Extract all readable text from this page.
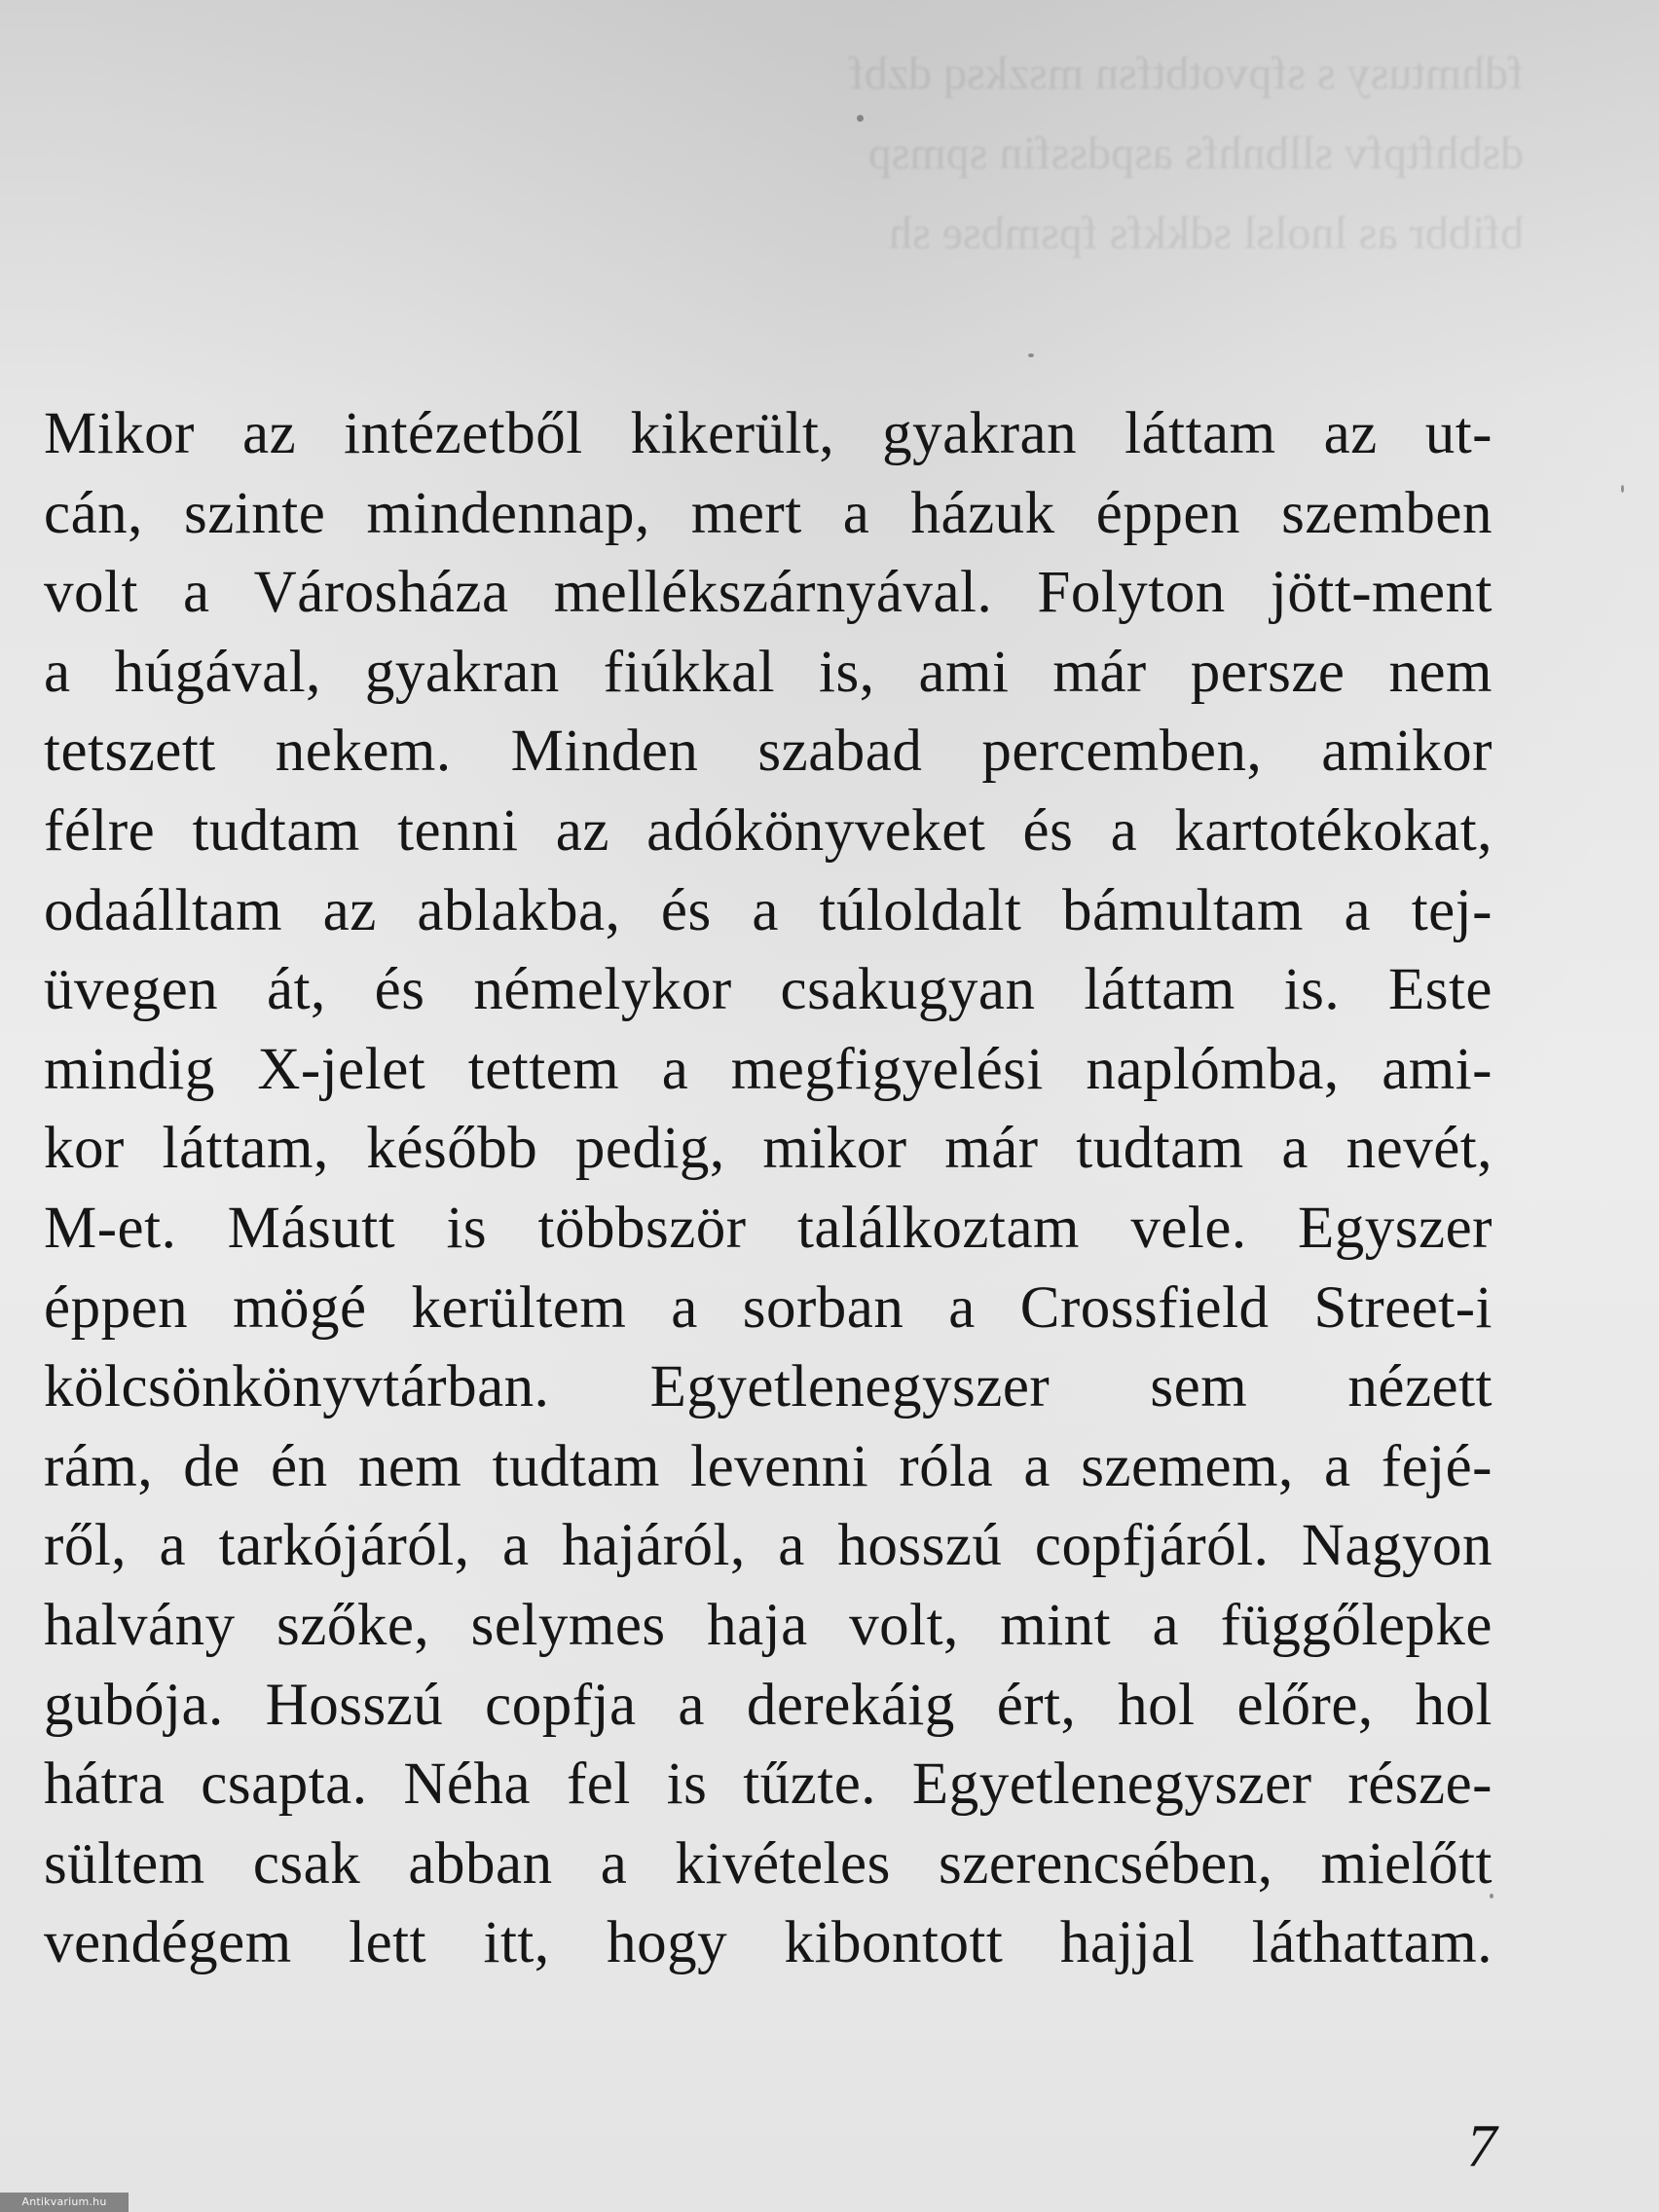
fdhmtusy s sfpvotbtfsn mszksq dzbf
dsbhftpfv sllbnhfs aspdssfin spmsp
bfibbr as lnolsl sdkkfs fpsmbse sh
Mikor az intézetből kikerült, gyakran láttam az ut-
cán, szinte mindennap, mert a házuk éppen szemben
volt a Városháza mellékszárnyával. Folyton jött-ment
a húgával, gyakran fiúkkal is, ami már persze nem
tetszett nekem. Minden szabad percemben, amikor
félre tudtam tenni az adókönyveket és a kartotékokat,
odaálltam az ablakba, és a túloldalt bámultam a tej-
üvegen át, és némelykor csakugyan láttam is. Este
mindig X-jelet tettem a megfigyelési naplómba, ami-
kor láttam, később pedig, mikor már tudtam a nevét,
M-et. Másutt is többször találkoztam vele. Egyszer
éppen mögé kerültem a sorban a Crossfield Street-i
kölcsönkönyvtárban. Egyetlenegyszer sem nézett
rám, de én nem tudtam levenni róla a szemem, a fejé-
ről, a tarkójáról, a hajáról, a hosszú copfjáról. Nagyon
halvány szőke, selymes haja volt, mint a függőlepke
gubója. Hosszú copfja a derekáig ért, hol előre, hol
hátra csapta. Néha fel is tűzte. Egyetlenegyszer része-
sültem csak abban a kivételes szerencsében, mielőtt
vendégem lett itt, hogy kibontott hajjal láthattam.
7
Antikvarium.hu
